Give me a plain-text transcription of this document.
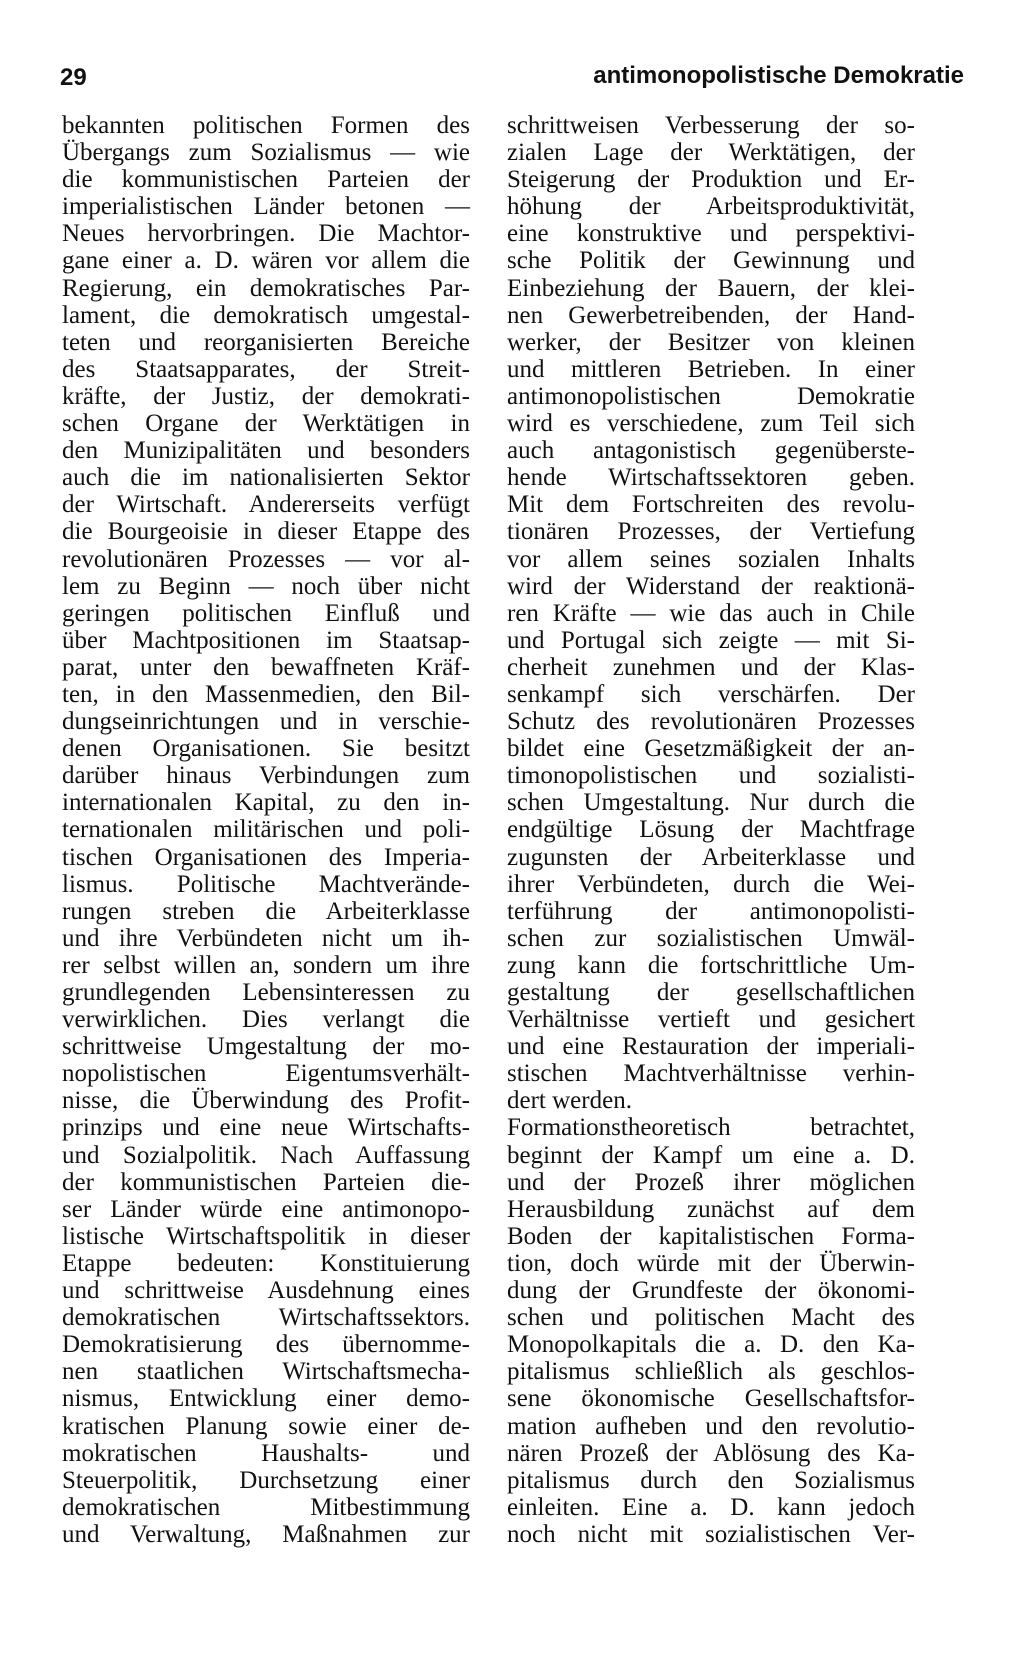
29	antimonopolistische Demokratie
bekannten politischen Formen des
Übergangs zum Sozialismus — wie
die kommunistischen Parteien der
imperialistischen Länder betonen —
Neues hervorbringen. Die Machtor-
gane einer a. D. wären vor allem die
Regierung, ein demokratisches Par-
lament, die demokratisch umgestal-
teten und reorganisierten Bereiche
des Staatsapparates, der Streit-
kräfte, der Justiz, der demokrati-
schen Organe der Werktätigen in
den Munizipalitäten und besonders
auch die im nationalisierten Sektor
der Wirtschaft. Andererseits verfügt
die Bourgeoisie in dieser Etappe des
revolutionären Prozesses — vor al-
lem zu Beginn — noch über nicht
geringen politischen Einfluß und
über Machtpositionen im Staatsap-
parat, unter den bewaffneten Kräf-
ten, in den Massenmedien, den Bil-
dungseinrichtungen und in verschie-
denen Organisationen. Sie besitzt
darüber hinaus Verbindungen zum
internationalen Kapital, zu den in-
ternationalen militärischen und poli-
tischen Organisationen des Imperia-
lismus. Politische Machtverände-
rungen streben die Arbeiterklasse
und ihre Verbündeten nicht um ih-
rer selbst willen an, sondern um ihre
grundlegenden Lebensinteressen zu
verwirklichen. Dies verlangt die
schrittweise Umgestaltung der mo-
nopolistischen Eigentumsverhält-
nisse, die Überwindung des Profit-
prinzips und eine neue Wirtschafts-
und Sozialpolitik. Nach Auffassung
der kommunistischen Parteien die-
ser Länder würde eine antimonopo-
listische Wirtschaftspolitik in dieser
Etappe bedeuten: Konstituierung
und schrittweise Ausdehnung eines
demokratischen Wirtschaftssektors.
Demokratisierung des übernomme-
nen staatlichen Wirtschaftsmecha-
nismus, Entwicklung einer demo-
kratischen Planung sowie einer de-
mokratischen Haushalts- und
Steuerpolitik, Durchsetzung einer
demokratischen Mitbestimmung
und Verwaltung, Maßnahmen zur
schrittweisen Verbesserung der so-
zialen Lage der Werktätigen, der
Steigerung der Produktion und Er-
höhung der Arbeitsproduktivität,
eine konstruktive und perspektivi-
sche Politik der Gewinnung und
Einbeziehung der Bauern, der klei-
nen Gewerbetreibenden, der Hand-
werker, der Besitzer von kleinen
und mittleren Betrieben. In einer
antimonopolistischen Demokratie
wird es verschiedene, zum Teil sich
auch antagonistisch gegenüberste-
hende Wirtschaftssektoren geben.
Mit dem Fortschreiten des revolu-
tionären Prozesses, der Vertiefung
vor allem seines sozialen Inhalts
wird der Widerstand der reaktionä-
ren Kräfte — wie das auch in Chile
und Portugal sich zeigte — mit Si-
cherheit zunehmen und der Klas-
senkampf sich verschärfen. Der
Schutz des revolutionären Prozesses
bildet eine Gesetzmäßigkeit der an-
timonopolistischen und sozialisti-
schen Umgestaltung. Nur durch die
endgültige Lösung der Machtfrage
zugunsten der Arbeiterklasse und
ihrer Verbündeten, durch die Wei-
terführung der antimonopolisti-
schen zur sozialistischen Umwäl-
zung kann die fortschrittliche Um-
gestaltung der gesellschaftlichen
Verhältnisse vertieft und gesichert
und eine Restauration der imperiali-
stischen Machtverhältnisse verhin-
dert werden.
Formationstheoretisch betrachtet,
beginnt der Kampf um eine a. D.
und der Prozeß ihrer möglichen
Herausbildung zunächst auf dem
Boden der kapitalistischen Forma-
tion, doch würde mit der Überwin-
dung der Grundfeste der ökonomi-
schen und politischen Macht des
Monopolkapitals die a. D. den Ka-
pitalismus schließlich als geschlos-
sene ökonomische Gesellschaftsfor-
mation aufheben und den revolutio-
nären Prozeß der Ablösung des Ka-
pitalismus durch den Sozialismus
einleiten. Eine a. D. kann jedoch
noch nicht mit sozialistischen Ver-
